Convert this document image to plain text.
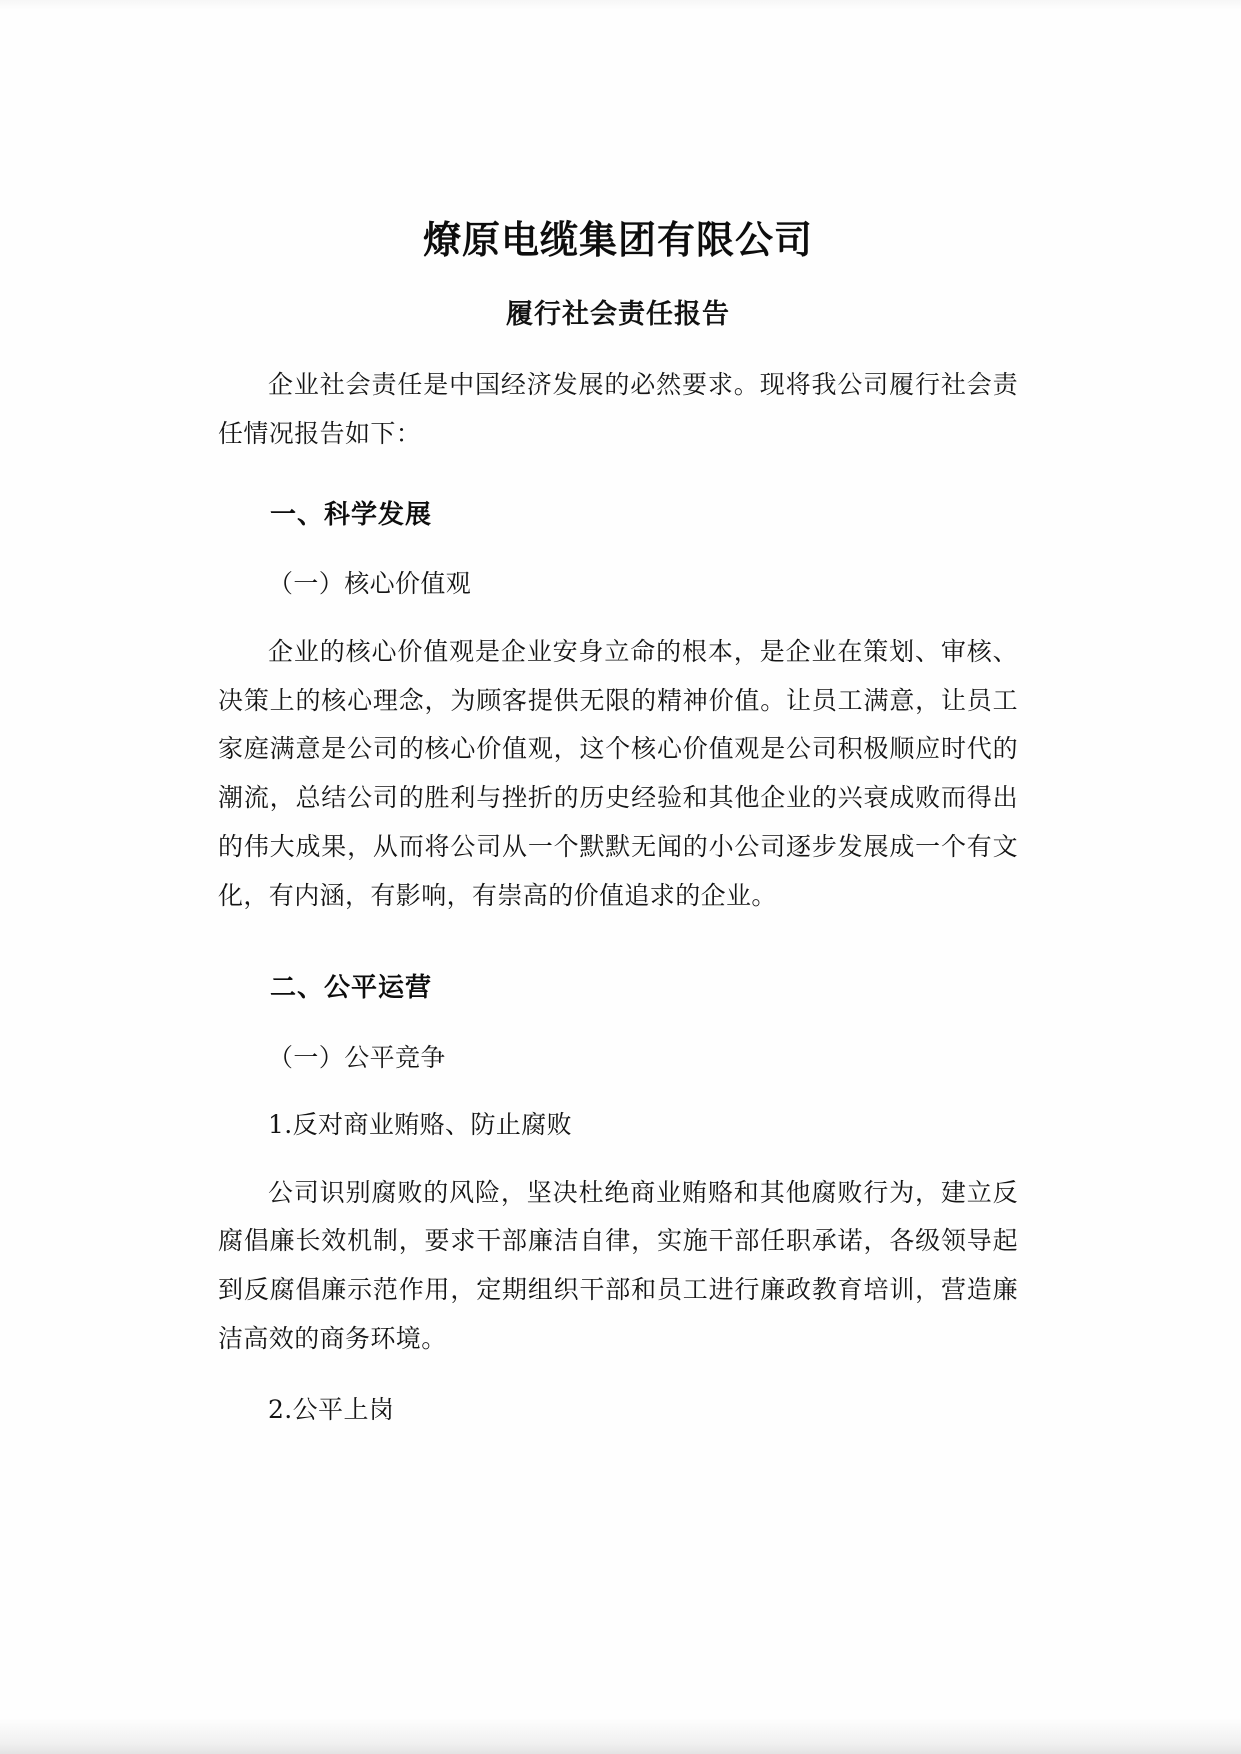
燎原电缆集团有限公司
履行社会责任报告

企业社会责任是中国经济发展的必然要求。现将我公司履行社会责任情况报告如下：

一、科学发展

（一）核心价值观

企业的核心价值观是企业安身立命的根本，是企业在策划、审核、决策上的核心理念，为顾客提供无限的精神价值。让员工满意，让员工家庭满意是公司的核心价值观，这个核心价值观是公司积极顺应时代的潮流，总结公司的胜利与挫折的历史经验和其他企业的兴衰成败而得出的伟大成果，从而将公司从一个默默无闻的小公司逐步发展成一个有文化，有内涵，有影响，有崇高的价值追求的企业。

二、公平运营

（一）公平竞争

1.反对商业贿赂、防止腐败

公司识别腐败的风险，坚决杜绝商业贿赂和其他腐败行为，建立反腐倡廉长效机制，要求干部廉洁自律，实施干部任职承诺，各级领导起到反腐倡廉示范作用，定期组织干部和员工进行廉政教育培训，营造廉洁高效的商务环境。

2.公平上岗
